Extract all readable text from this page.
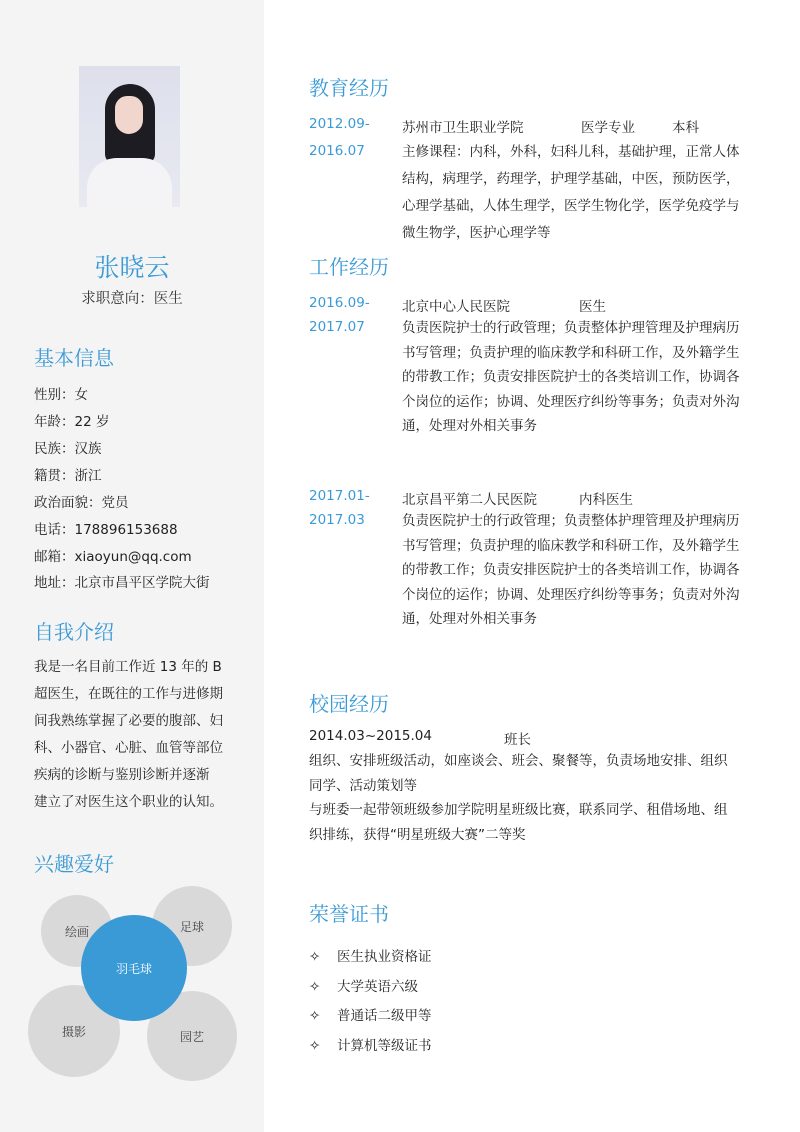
张晓云
求职意向：医生
基本信息
性别：女
年龄：22 岁
民族：汉族
籍贯：浙江
政治面貌：党员
电话：178896153688
邮箱：xiaoyun@qq.com
地址：北京市昌平区学院大街
自我介绍
我是一名目前工作近 13 年的 B
超医生，在既往的工作与进修期
间我熟练掌握了必要的腹部、妇
科、小器官、心脏、血管等部位
疾病的诊断与鉴别诊断并逐渐
建立了对医生这个职业的认知。
兴趣爱好
绘画	足球
羽毛球
摄影	园艺
教育经历
2012.09-
2016.07
苏州市卫生职业学院	医学专业	本科
主修课程：内科，外科，妇科儿科，基础护理，正常人体
结构，病理学，药理学，护理学基础，中医，预防医学，
心理学基础，人体生理学，医学生物化学，医学免疫学与
微生物学，医护心理学等
工作经历
2016.09-
2017.07
北京中心人民医院	医生
负责医院护士的行政管理；负责整体护理管理及护理病历
书写管理；负责护理的临床教学和科研工作，及外籍学生
的带教工作；负责安排医院护士的各类培训工作，协调各
个岗位的运作；协调、处理医疗纠纷等事务；负责对外沟
通，处理对外相关事务
2017.01-
2017.03
北京昌平第二人民医院	内科医生
负责医院护士的行政管理；负责整体护理管理及护理病历
书写管理；负责护理的临床教学和科研工作，及外籍学生
的带教工作；负责安排医院护士的各类培训工作，协调各
个岗位的运作；协调、处理医疗纠纷等事务；负责对外沟
通，处理对外相关事务
校园经历
2014.03~2015.04	班长
组织、安排班级活动，如座谈会、班会、聚餐等，负责场地安排、组织
同学、活动策划等
与班委一起带领班级参加学院明星班级比赛，联系同学、租借场地、组
织排练，获得“明星班级大赛”二等奖
荣誉证书
✧ 医生执业资格证
✧ 大学英语六级
✧ 普通话二级甲等
✧ 计算机等级证书
